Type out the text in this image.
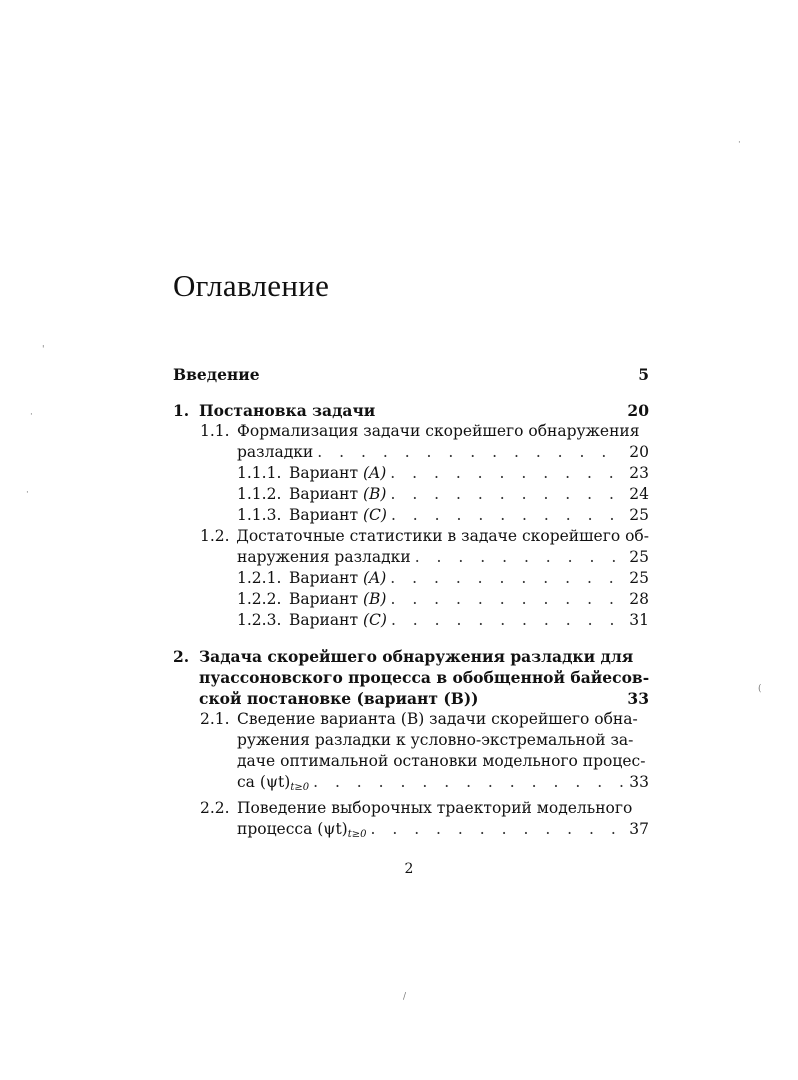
Оглавление
Введение	5
1. Постановка задачи	20
1.1. Формализация задачи скорейшего обнаружения
разладки . . .	20
1.1.1. Вариант (A) . . .	23
1.1.2. Вариант (B) . . .	24
1.1.3. Вариант (C) . . .	25
1.2. Достаточные статистики в задаче скорейшего об-
наружения разладки . . .	25
1.2.1. Вариант (A) . . .	25
1.2.2. Вариант (B) . . .	28
1.2.3. Вариант (C) . . .	31
2. Задача скорейшего обнаружения разладки для
пуассоновского процесса в обобщенной байесов-
ской постановке (вариант (B))	33
2.1. Сведение варианта (B) задачи скорейшего обна-
ружения разладки к условно-экстремальной за-
даче оптимальной остановки модельного процес-
са $(\psi t)_{t\ge 0}$ . . .	33
2.2. Поведение выборочных траекторий модельного
процесса $(\psi t)_{t\ge 0}$ . . .	37
2
·
'
·
·
(
/
